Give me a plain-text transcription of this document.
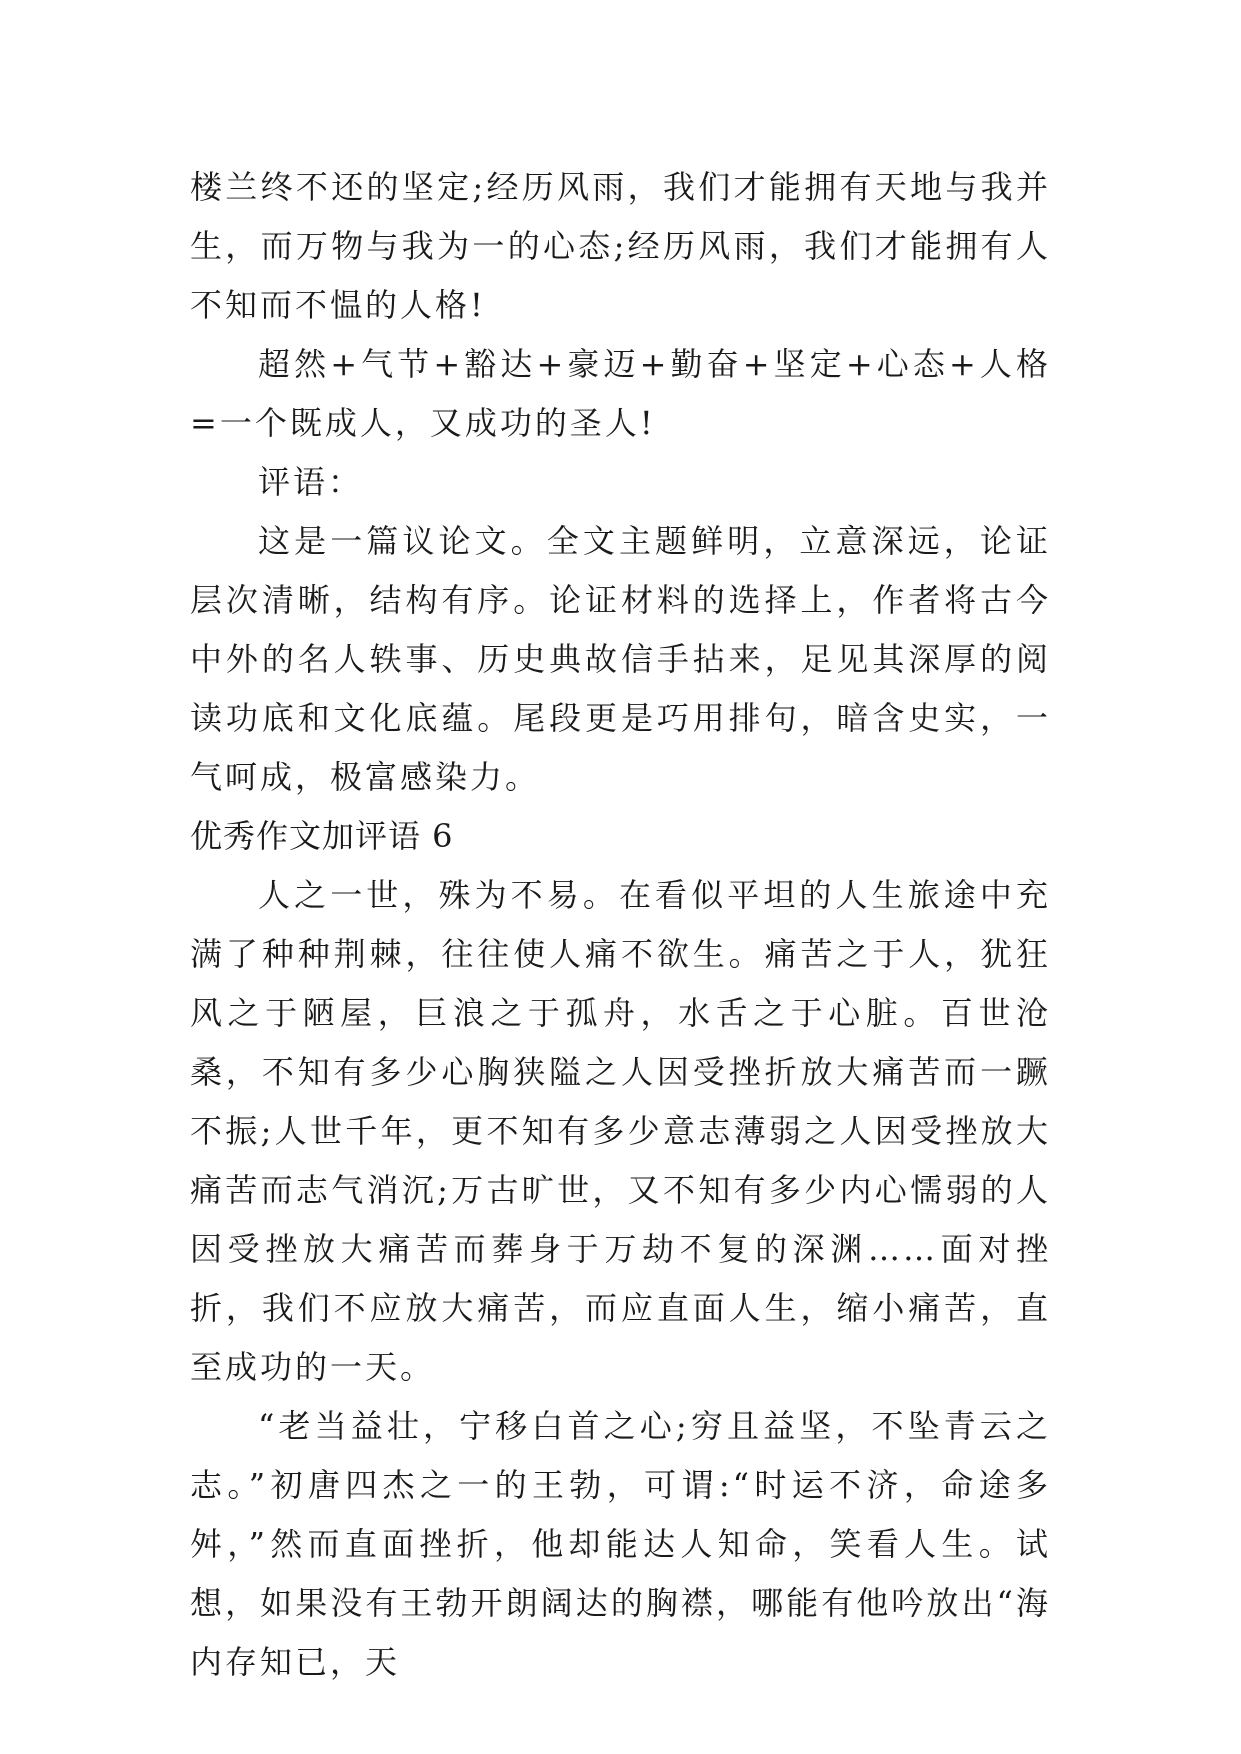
楼兰终不还的坚定;经历风雨，我们才能拥有天地与我并生，而万物与我为一的心态;经历风雨，我们才能拥有人不知而不愠的人格!

超然+气节+豁达+豪迈+勤奋+坚定+心态+人格=一个既成人，又成功的圣人!

评语：

这是一篇议论文。全文主题鲜明，立意深远，论证层次清晰，结构有序。论证材料的选择上，作者将古今中外的名人轶事、历史典故信手拈来，足见其深厚的阅读功底和文化底蕴。尾段更是巧用排句，暗含史实，一气呵成，极富感染力。

优秀作文加评语 6

人之一世，殊为不易。在看似平坦的人生旅途中充满了种种荆棘，往往使人痛不欲生。痛苦之于人，犹狂风之于陋屋，巨浪之于孤舟，水舌之于心脏。百世沧桑，不知有多少心胸狭隘之人因受挫折放大痛苦而一蹶不振;人世千年，更不知有多少意志薄弱之人因受挫放大痛苦而志气消沉;万古旷世，又不知有多少内心懦弱的人因受挫放大痛苦而葬身于万劫不复的深渊……面对挫折，我们不应放大痛苦，而应直面人生，缩小痛苦，直至成功的一天。

“老当益壮，宁移白首之心;穷且益坚，不坠青云之志。”初唐四杰之一的王勃，可谓:“时运不济，命途多舛，”然而直面挫折，他却能达人知命，笑看人生。试想，如果没有王勃开朗阔达的胸襟，哪能有他吟放出“海内存知已，天
